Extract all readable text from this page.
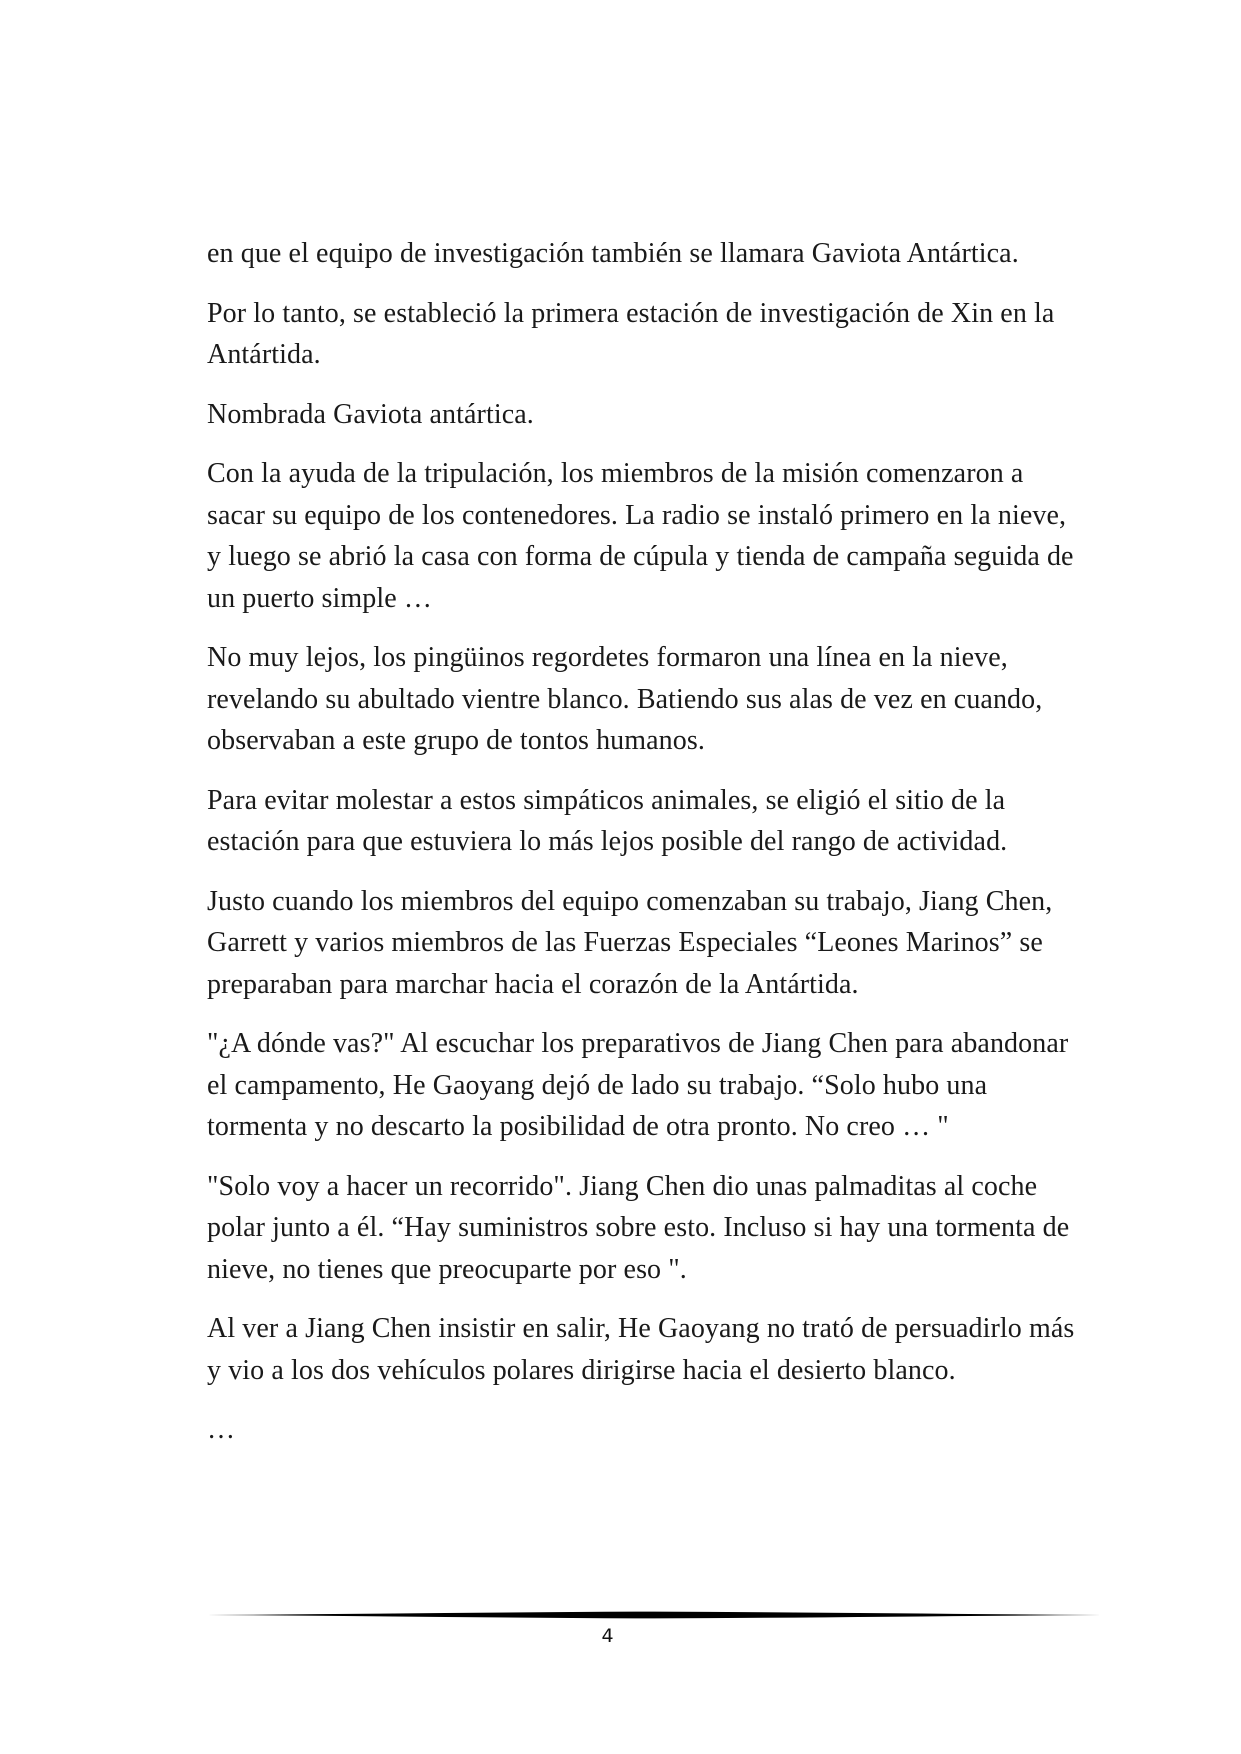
en que el equipo de investigación también se llamara Gaviota Antártica.

Por lo tanto, se estableció la primera estación de investigación de Xin en la Antártida.

Nombrada Gaviota antártica.

Con la ayuda de la tripulación, los miembros de la misión comenzaron a sacar su equipo de los contenedores. La radio se instaló primero en la nieve, y luego se abrió la casa con forma de cúpula y tienda de campaña seguida de un puerto simple …

No muy lejos, los pingüinos regordetes formaron una línea en la nieve, revelando su abultado vientre blanco. Batiendo sus alas de vez en cuando, observaban a este grupo de tontos humanos.

Para evitar molestar a estos simpáticos animales, se eligió el sitio de la estación para que estuviera lo más lejos posible del rango de actividad.

Justo cuando los miembros del equipo comenzaban su trabajo, Jiang Chen, Garrett y varios miembros de las Fuerzas Especiales “Leones Marinos” se preparaban para marchar hacia el corazón de la Antártida.

"¿A dónde vas?" Al escuchar los preparativos de Jiang Chen para abandonar el campamento, He Gaoyang dejó de lado su trabajo. “Solo hubo una tormenta y no descarto la posibilidad de otra pronto. No creo … "

"Solo voy a hacer un recorrido". Jiang Chen dio unas palmaditas al coche polar junto a él. “Hay suministros sobre esto. Incluso si hay una tormenta de nieve, no tienes que preocuparte por eso ".

Al ver a Jiang Chen insistir en salir, He Gaoyang no trató de persuadirlo más y vio a los dos vehículos polares dirigirse hacia el desierto blanco.

…

4
